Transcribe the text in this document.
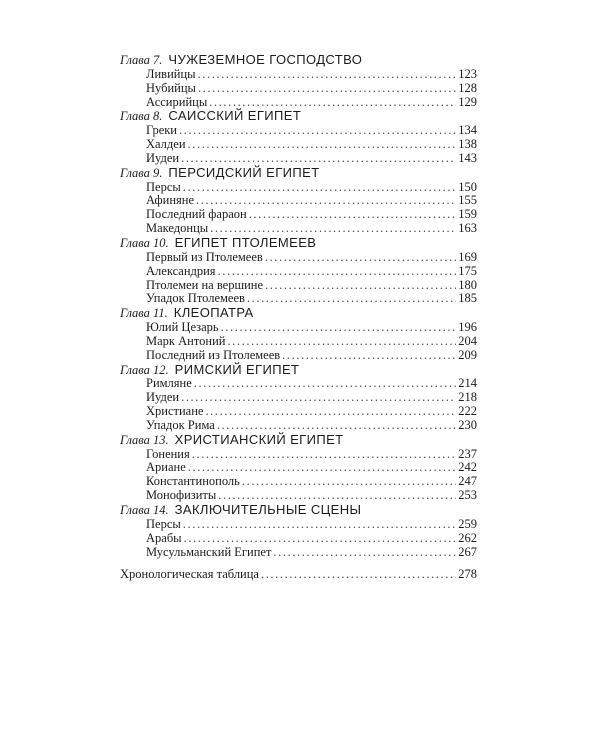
Глава 7. ЧУЖЕЗЕМНОЕ ГОСПОДСТВО
Ливийцы .....	123
Нубийцы .....	128
Ассирийцы .....	129
Глава 8. САИССКИЙ ЕГИПЕТ
Греки .....	134
Халдеи .....	138
Иудеи .....	143
Глава 9. ПЕРСИДСКИЙ ЕГИПЕТ
Персы .....	150
Афиняне .....	155
Последний фараон .....	159
Македонцы .....	163
Глава 10. ЕГИПЕТ ПТОЛЕМЕЕВ
Первый из Птолемеев .....	169
Александрия .....	175
Птолемеи на вершине .....	180
Упадок Птолемеев .....	185
Глава 11. КЛЕОПАТРА
Юлий Цезарь .....	196
Марк Антоний .....	204
Последний из Птолемеев .....	209
Глава 12. РИМСКИЙ ЕГИПЕТ
Римляне .....	214
Иудеи .....	218
Христиане .....	222
Упадок Рима .....	230
Глава 13. ХРИСТИАНСКИЙ ЕГИПЕТ
Гонения .....	237
Ариане .....	242
Константинополь .....	247
Монофизиты .....	253
Глава 14. ЗАКЛЮЧИТЕЛЬНЫЕ СЦЕНЫ
Персы .....	259
Арабы .....	262
Мусульманский Египет .....	267
Хронологическая таблица .....	278
